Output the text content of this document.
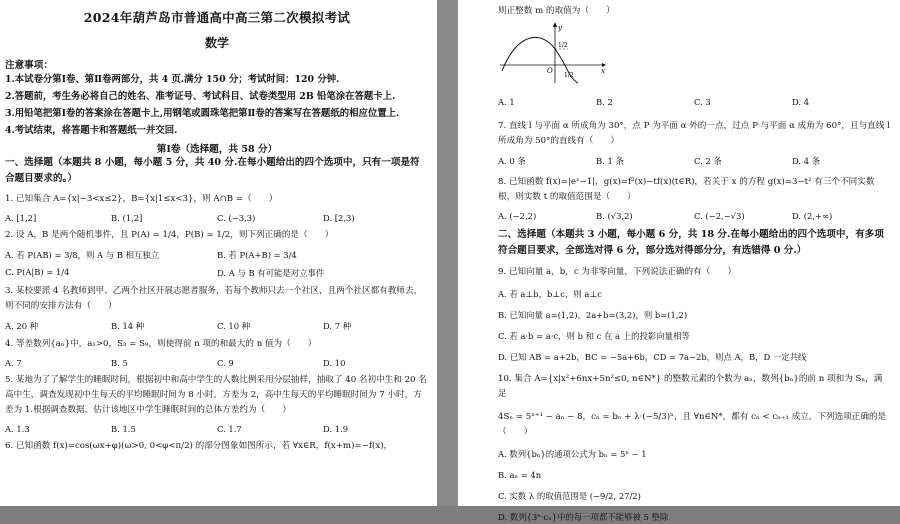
2024年葫芦岛市普通高中高三第二次模拟考试
数学
注意事项：
1.本试卷分第Ⅰ卷、第Ⅱ卷两部分，共 4 页.满分 150 分；考试时间：120 分钟.
2.答题前，考生务必将自己的姓名、准考证号、考试科目、试卷类型用 2B 铅笔涂在答题卡上.
3.用铅笔把第Ⅰ卷的答案涂在答题卡上,用钢笔或圆珠笔把第Ⅱ卷的答案写在答题纸的相应位置上.
4.考试结束，将答题卡和答题纸一并交回.
第Ⅰ卷（选择题，共 58 分）
一、选择题（本题共 8 小题，每小题 5 分，共 40 分.在每小题给出的四个选项中，只有一项是符合题目要求的。）
1. 已知集合 A={x|−3<x≤2}，B={x|1≤x<3}，则 A∩B =（　　）
A. [1,2]	B. (1,2]	C. (−3,3)	D. [2,3)
2. 设 A，B 是两个随机事件，且 P(A) = 1/4，P(B) = 1/2，则下列正确的是（　　）
A. 若 P(AB) = 3/8，则 A 与 B 相互独立	B. 若 P(A+B) = 3/4
C. P(A|B) = 1/4	D. A 与 B 有可能是对立事件
3. 某校要派 4 名教师到甲、乙两个社区开展志愿者服务，若每个教师只去一个社区，且两个社区都有教师去，则不同的安排方法有（　　）
A. 20 种	B. 14 种	C. 10 种	D. 7 种
4. 等差数列{aₙ}中，a₁>0，S₃ = S₉，则使得前 n 项的和最大的 n 值为（　　）
A. 7	B. 5	C. 9	D. 10
5. 某地为了了解学生的睡眠时间，根据初中和高中学生的人数比例采用分层抽样，抽取了 40 名初中生和 20 名高中生，调查发现初中生每天的平均睡眠时间为 8 小时，方差为 2，高中生每天的平均睡眠时间为 7 小时，方差为 1.根据调查数据，估计该地区中学生睡眠时间的总体方差约为（　　）
A. 1.3	B. 1.5	C. 1.7	D. 1.9
6. 已知函数 f(x)=cos(ωx+φ)(ω>0, 0<φ<π/2) 的部分图象如图所示，若 ∀x∈R，f(x+m)=−f(x)，
则正整数 m 的取值为（　　）
y
x
O
1/2
1/2
A. 1	B. 2	C. 3	D. 4
7. 直线 l 与平面 α 所成角为 30°，点 P 为平面 α 外的一点，过点 P 与平面 α 成角为 60°，且与直线 l 所成角为 50°的直线有（　　）
A. 0 条	B. 1 条	C. 2 条	D. 4 条
8. 已知函数 f(x)=|eˣ−1|，g(x)=f²(x)−tf(x)(t∈R)，若关于 x 的方程 g(x)=3−t² 有三个不同实数根，则实数 t 的取值范围是（　　）
A. (−2,2)	B. (√3,2)	C. (−2,−√3)	D. (2,+∞)
二、选择题（本题共 3 小题，每小题 6 分，共 18 分.在每小题给出的四个选项中，有多项符合题目要求，全部选对得 6 分，部分选对得部分分，有选错得 0 分.）
9. 已知向量 a，b，c 为非零向量，下列说法正确的有（　　）
A. 若 a⊥b，b⊥c，则 a⊥c
B. 已知向量 a=(1,2)，2a+b=(3,2)，则 b=(1,2)
C. 若 a·b = a·c，则 b 和 c 在 a 上的投影向量相等
D. 已知 AB = a+2b，BC = −5a+6b，CD = 7a−2b，则点 A，B，D 一定共线
10. 集合 A={x|x²+6nx+5n²≤0, n∈N*} 的整数元素的个数为 aₙ，数列{bₙ}的前 n 项和为 Sₙ，满足
4Sₙ = 5ⁿ⁺¹ − aₙ − 8，cₙ = bₙ + λ·(−5/3)ⁿ，且 ∀n∈N*，都有 cₙ < cₙ₊₁ 成立，下列选项正确的是（　　）
A. 数列{bₙ}的通项公式为 bₙ = 5ⁿ − 1
B. aₙ = 4n
C. 实数 λ 的取值范围是 (−9/2, 27/2)
D. 数列{3ⁿ·cₙ}中的每一项都不能够被 5 整除
